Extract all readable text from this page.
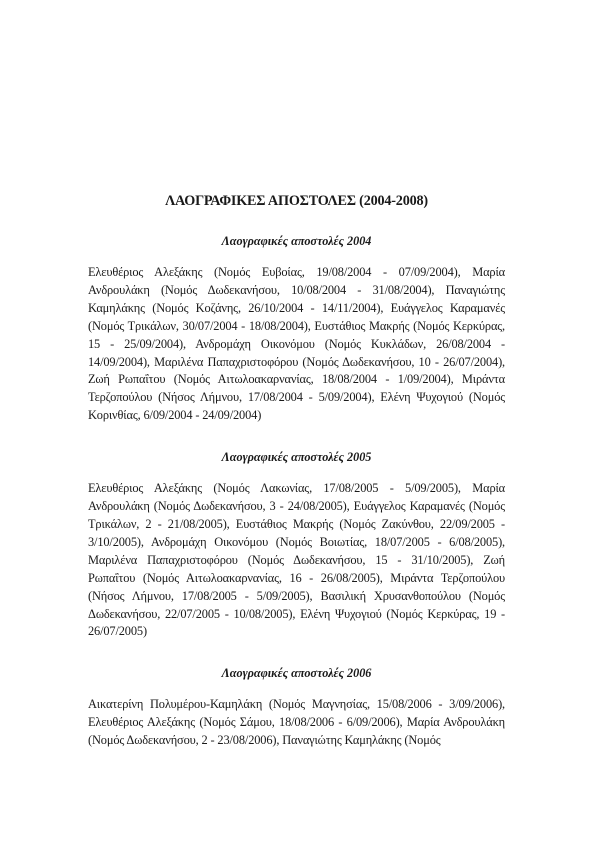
ΛΑΟΓΡΑΦΙΚΕΣ ΑΠΟΣΤΟΛΕΣ (2004-2008)
Λαογραφικές αποστολές 2004

Ελευθέριος Αλεξάκης (Νομός Ευβοίας, 19/08/2004 - 07/09/2004), Μαρία Ανδρουλάκη (Νομός Δωδεκανήσου, 10/08/2004 - 31/08/2004), Παναγιώτης Καμηλάκης (Νομός Κοζάνης, 26/10/2004 - 14/11/2004), Ευάγγελος Καραμανές (Νομός Τρικάλων, 30/07/2004 - 18/08/2004), Ευστάθιος Μακρής (Νομός Κερκύρας, 15 - 25/09/2004), Ανδρομάχη Οικονόμου (Νομός Κυκλάδων, 26/08/2004 - 14/09/2004), Μαριλένα Παπαχριστοφόρου (Νομός Δωδεκανήσου, 10 - 26/07/2004), Ζωή Ρωπαΐτου (Νομός Αιτωλοακαρνανίας, 18/08/2004 - 1/09/2004), Μιράντα Τερζοπούλου (Νήσος Λήμνου, 17/08/2004 - 5/09/2004), Ελένη Ψυχογιού (Νομός Κορινθίας, 6/09/2004 - 24/09/2004)

Λαογραφικές αποστολές 2005

Ελευθέριος Αλεξάκης (Νομός Λακωνίας, 17/08/2005 - 5/09/2005), Μαρία Ανδρουλάκη (Νομός Δωδεκανήσου, 3 - 24/08/2005), Ευάγγελος Καραμανές (Νομός Τρικάλων, 2 - 21/08/2005), Ευστάθιος Μακρής (Νομός Ζακύνθου, 22/09/2005 - 3/10/2005), Ανδρομάχη Οικονόμου (Νομός Βοιωτίας, 18/07/2005 - 6/08/2005), Μαριλένα Παπαχριστοφόρου (Νομός Δωδεκανήσου, 15 - 31/10/2005), Ζωή Ρωπαΐτου (Νομός Αιτωλοακαρνανίας, 16 - 26/08/2005), Μιράντα Τερζοπούλου (Νήσος Λήμνου, 17/08/2005 - 5/09/2005), Βασιλική Χρυσανθοπούλου (Νομός Δωδεκανήσου, 22/07/2005 - 10/08/2005), Ελένη Ψυχογιού (Νομός Κερκύρας, 19 - 26/07/2005)

Λαογραφικές αποστολές 2006

Αικατερίνη Πολυμέρου-Καμηλάκη (Νομός Μαγνησίας, 15/08/2006 - 3/09/2006), Ελευθέριος Αλεξάκης (Νομός Σάμου, 18/08/2006 - 6/09/2006), Μαρία Ανδρουλάκη (Νομός Δωδεκανήσου, 2 - 23/08/2006), Παναγιώτης Καμηλάκης (Νομός
